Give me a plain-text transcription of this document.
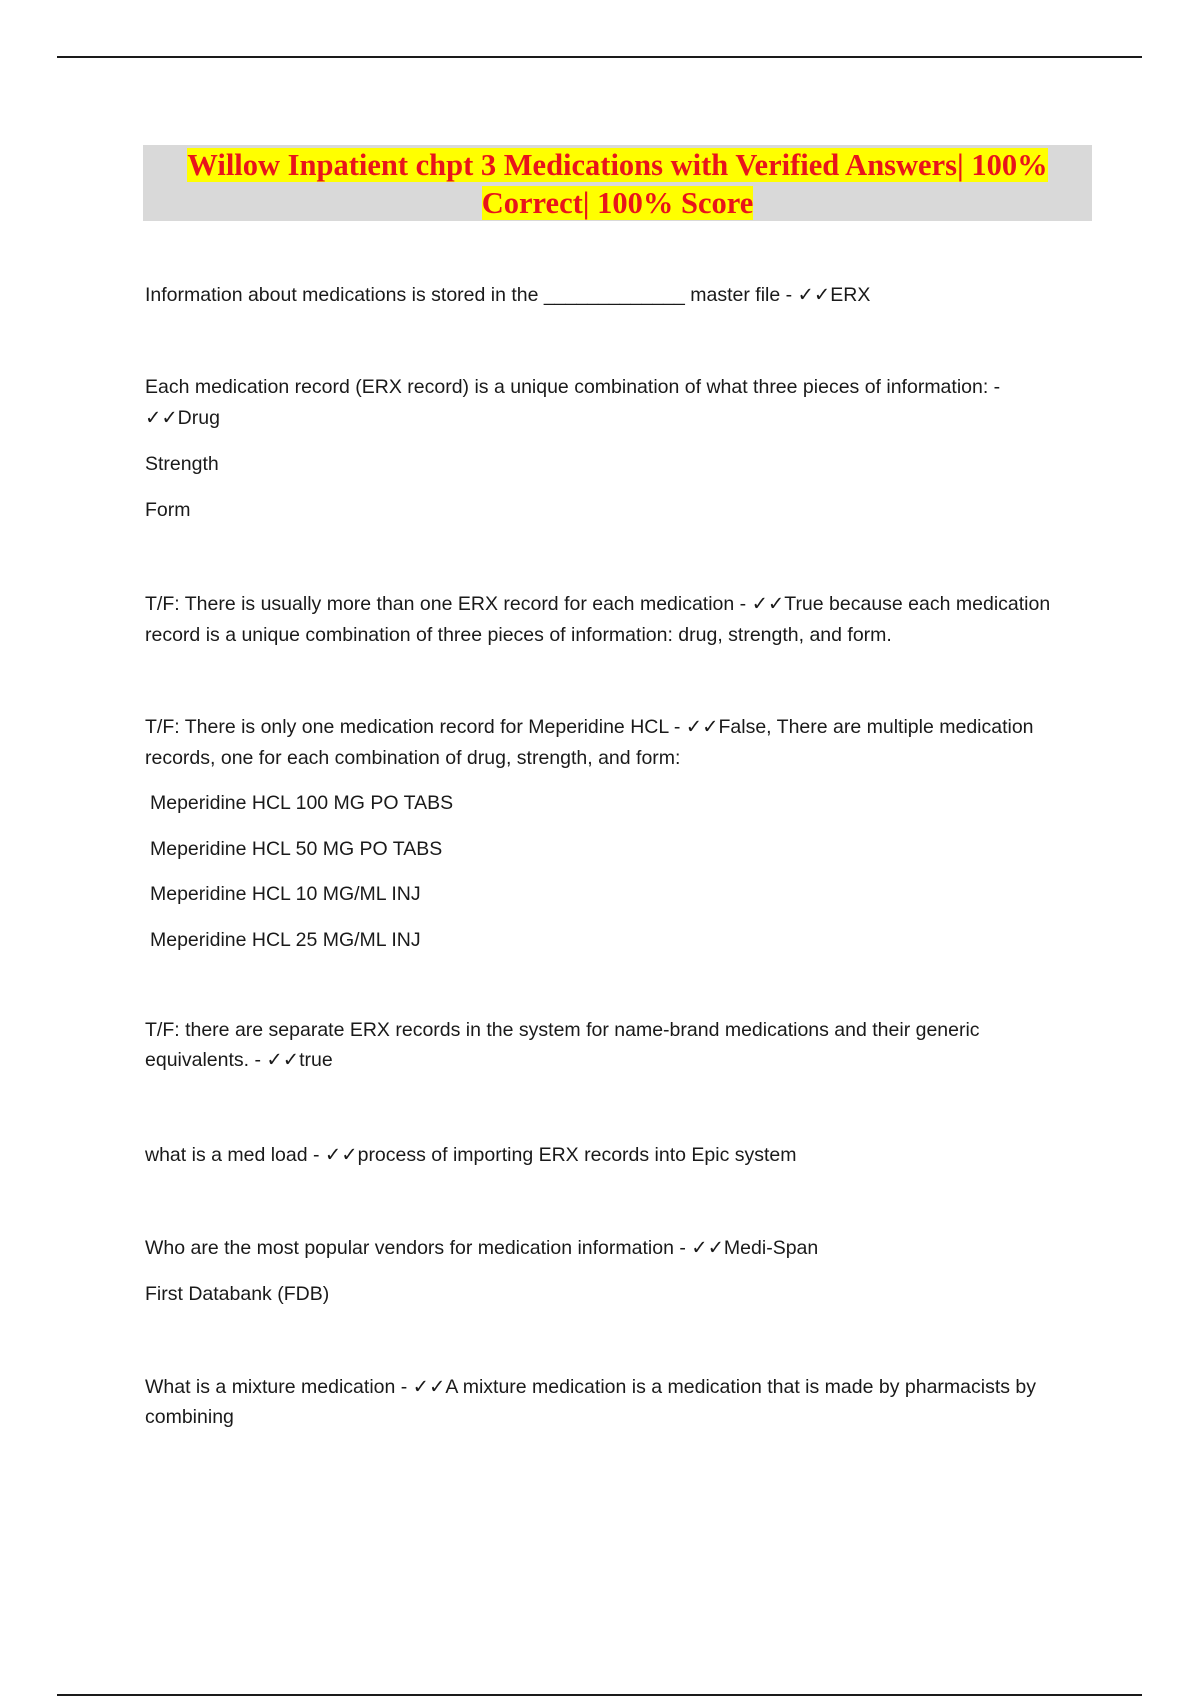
Willow Inpatient chpt 3 Medications with Verified Answers| 100%
Correct| 100% Score

Information about medications is stored in the _____________ master file - ✓✓ERX

Each medication record (ERX record) is a unique combination of what three pieces of information: -

✓✓Drug

Strength

Form

T/F: There is usually more than one ERX record for each medication - ✓✓True because each medication

record is a unique combination of three pieces of information: drug, strength, and form.

T/F: There is only one medication record for Meperidine HCL - ✓✓False, There are multiple medication

records, one for each combination of drug, strength, and form:

Meperidine HCL 100 MG PO TABS

Meperidine HCL 50 MG PO TABS

Meperidine HCL 10 MG/ML INJ

Meperidine HCL 25 MG/ML INJ

T/F: there are separate ERX records in the system for name-brand medications and their generic

equivalents. - ✓✓true

what is a med load - ✓✓process of importing ERX records into Epic system

Who are the most popular vendors for medication information - ✓✓Medi-Span

First Databank (FDB)

What is a mixture medication - ✓✓A mixture medication is a medication that is made by pharmacists by

combining
